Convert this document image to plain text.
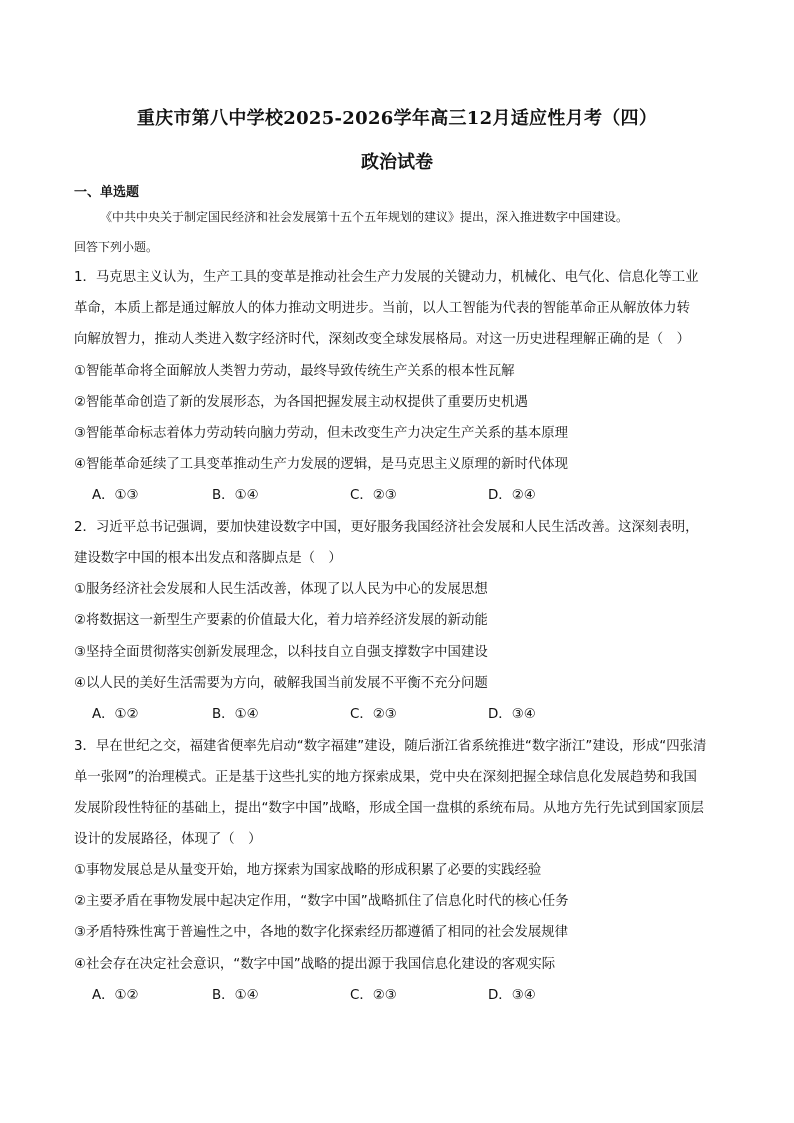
重庆市第八中学校2025-2026学年高三12月适应性月考（四）
政治试卷
一、单选题
《中共中央关于制定国民经济和社会发展第十五个五年规划的建议》提出，深入推进数字中国建设。
回答下列小题。
1．马克思主义认为，生产工具的变革是推动社会生产力发展的关键动力，机械化、电气化、信息化等工业
革命，本质上都是通过解放人的体力推动文明进步。当前，以人工智能为代表的智能革命正从解放体力转
向解放智力，推动人类进入数字经济时代，深刻改变全球发展格局。对这一历史进程理解正确的是（　）
①智能革命将全面解放人类智力劳动，最终导致传统生产关系的根本性瓦解
②智能革命创造了新的发展形态，为各国把握发展主动权提供了重要历史机遇
③智能革命标志着体力劳动转向脑力劳动，但未改变生产力决定生产关系的基本原理
④智能革命延续了工具变革推动生产力发展的逻辑，是马克思主义原理的新时代体现
A．①③	B．①④	C．②③	D．②④
2．习近平总书记强调，要加快建设数字中国，更好服务我国经济社会发展和人民生活改善。这深刻表明，
建设数字中国的根本出发点和落脚点是（　）
①服务经济社会发展和人民生活改善，体现了以人民为中心的发展思想
②将数据这一新型生产要素的价值最大化，着力培养经济发展的新动能
③坚持全面贯彻落实创新发展理念，以科技自立自强支撑数字中国建设
④以人民的美好生活需要为方向，破解我国当前发展不平衡不充分问题
A．①②	B．①④	C．②③	D．③④
3．早在世纪之交，福建省便率先启动“数字福建”建设，随后浙江省系统推进“数字浙江”建设，形成“四张清
单一张网”的治理模式。正是基于这些扎实的地方探索成果，党中央在深刻把握全球信息化发展趋势和我国
发展阶段性特征的基础上，提出“数字中国”战略，形成全国一盘棋的系统布局。从地方先行先试到国家顶层
设计的发展路径，体现了（　）
①事物发展总是从量变开始，地方探索为国家战略的形成积累了必要的实践经验
②主要矛盾在事物发展中起决定作用，“数字中国”战略抓住了信息化时代的核心任务
③矛盾特殊性寓于普遍性之中，各地的数字化探索经历都遵循了相同的社会发展规律
④社会存在决定社会意识，“数字中国”战略的提出源于我国信息化建设的客观实际
A．①②	B．①④	C．②③	D．③④
